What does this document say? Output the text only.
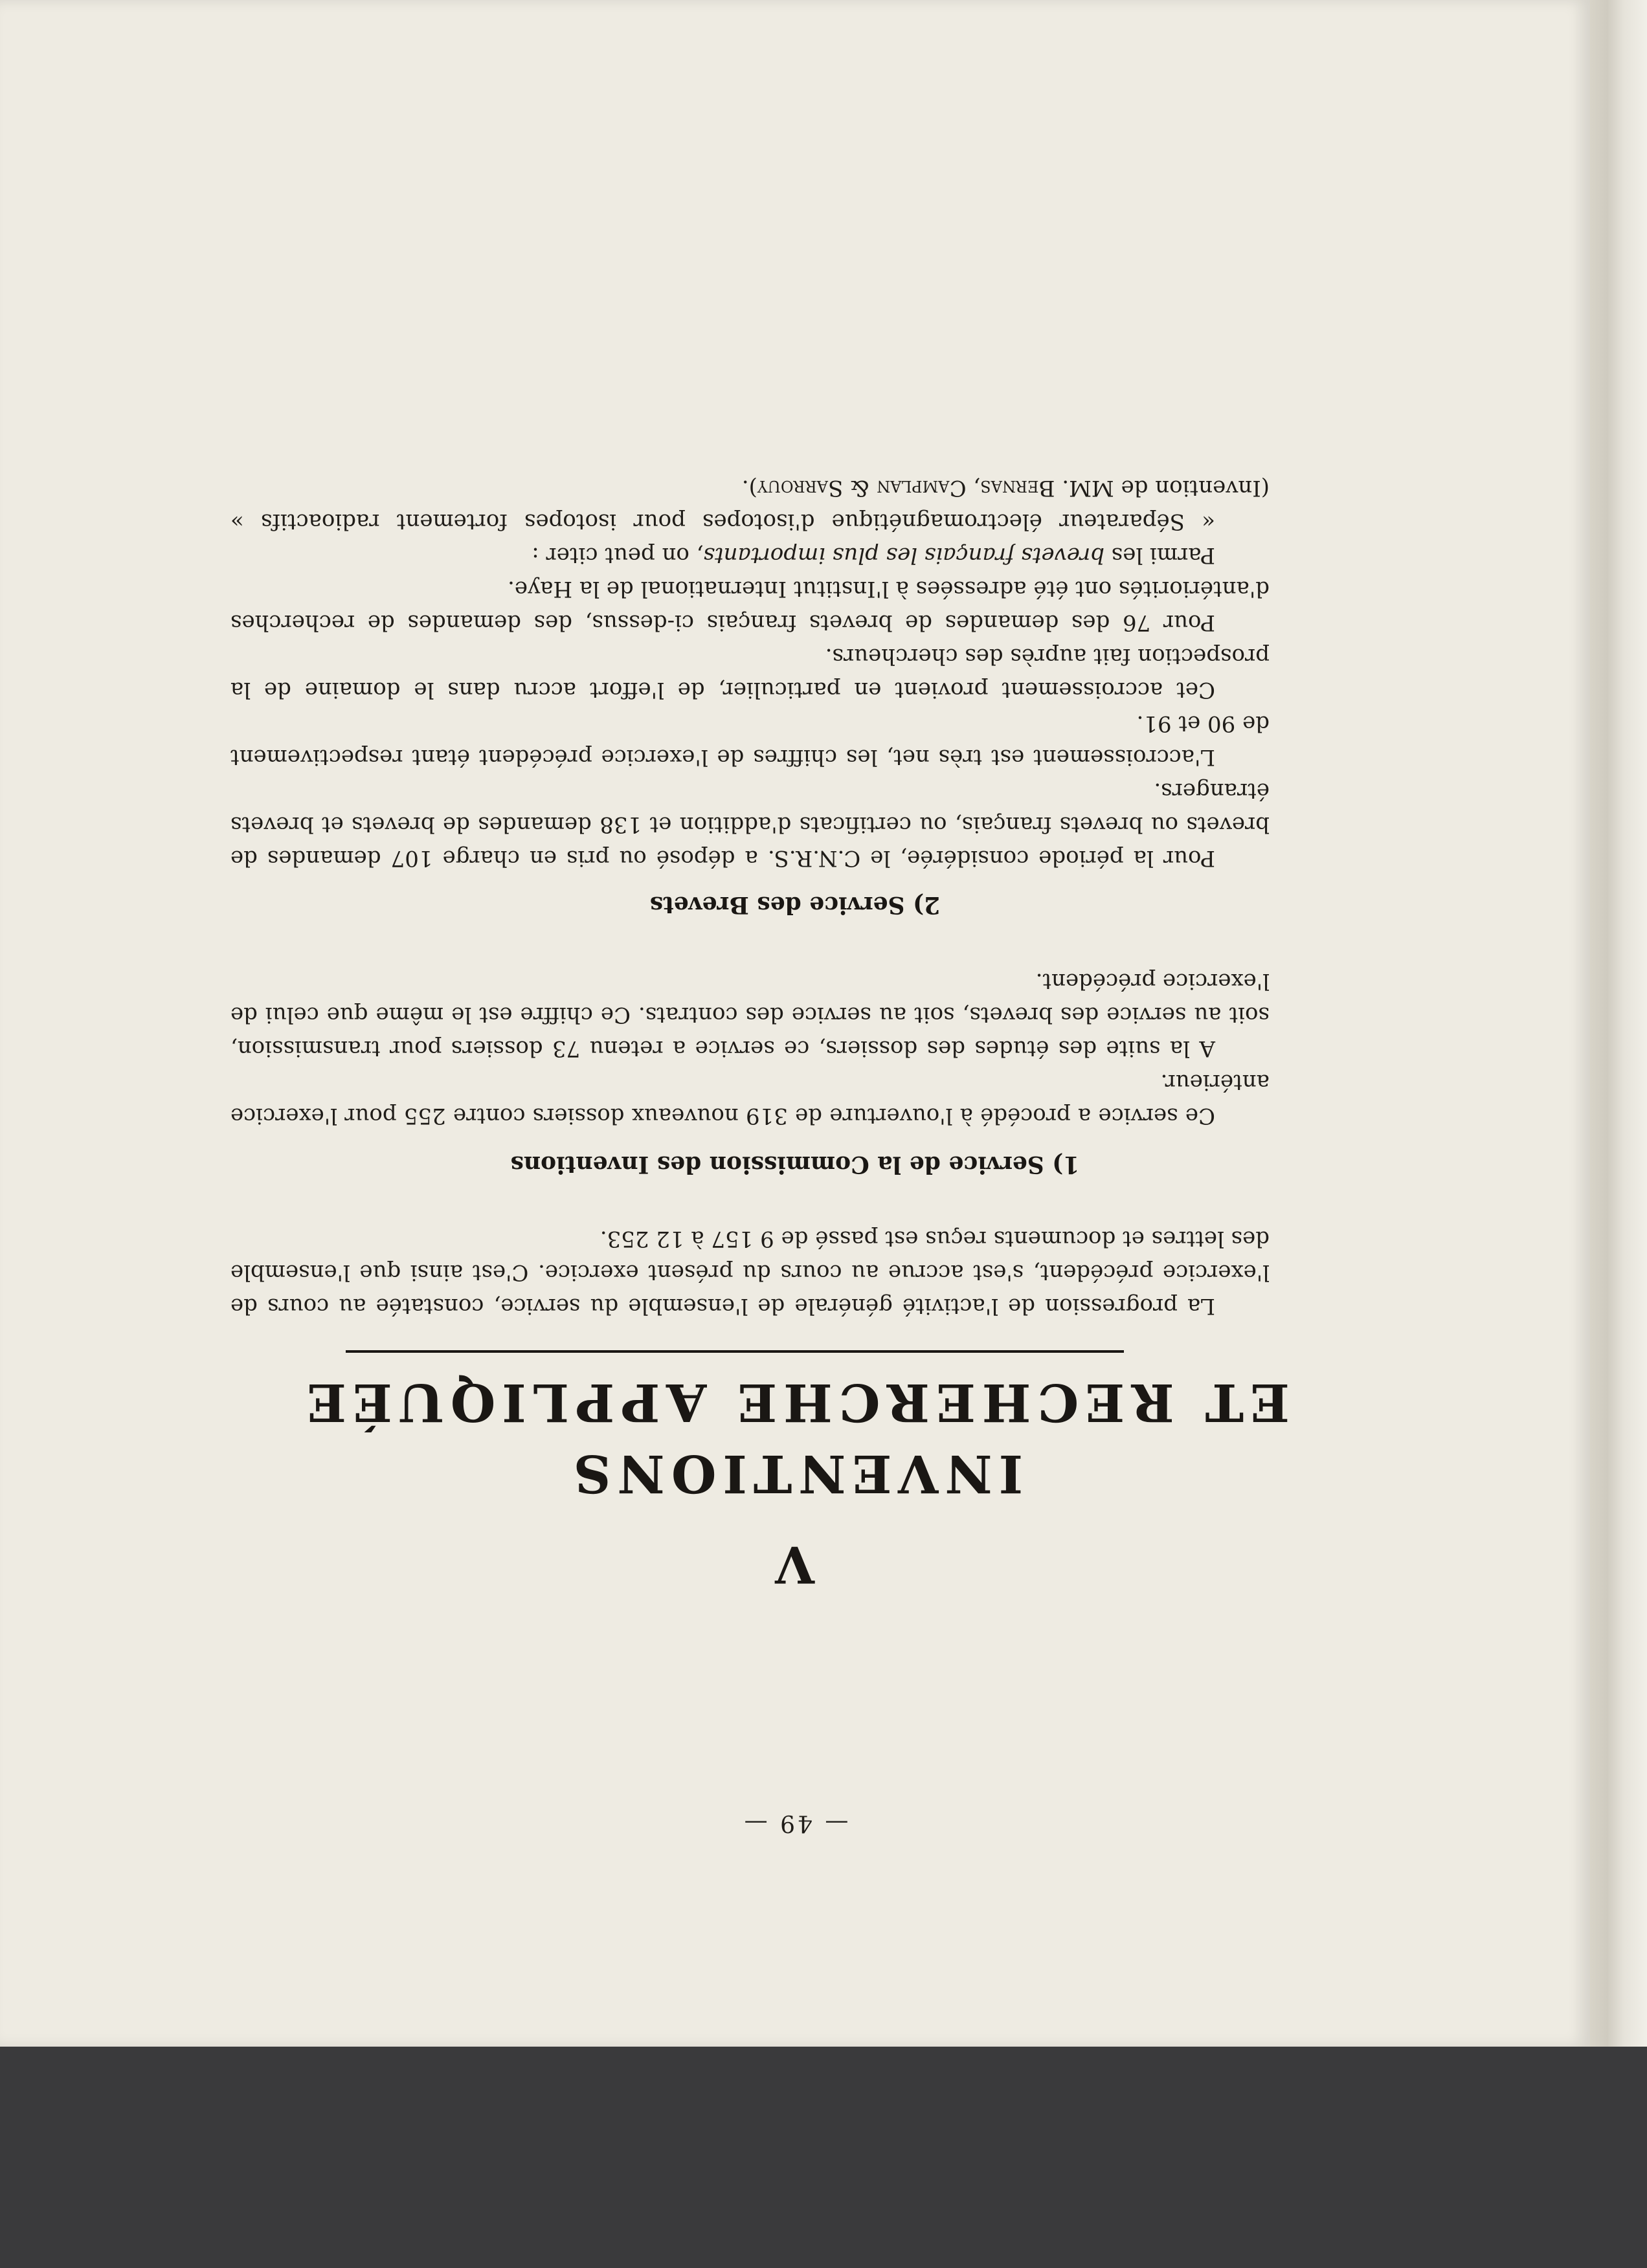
— 49 —
V
INVENTIONS
ET RECHERCHE APPLIQUÉE

La progression de l'activité générale de l'ensemble du service, constatée au cours de l'exercice précédent, s'est accrue au cours du présent exercice. C'est ainsi que l'ensemble des lettres et documents reçus est passé de 9 157 à 12 253.

1) Service de la Commission des Inventions

Ce service a procédé à l'ouverture de 319 nouveaux dossiers contre 255 pour l'exercice antérieur.

A la suite des études des dossiers, ce service a retenu 73 dossiers pour transmission, soit au service des brevets, soit au service des contrats. Ce chiffre est le même que celui de l'exercice précédent.

2) Service des Brevets

Pour la période considérée, le C.N.R.S. a déposé ou pris en charge 107 demandes de brevets ou brevets français, ou certificats d'addition et 138 demandes de brevets et brevets étrangers.

L'accroissement est très net, les chiffres de l'exercice précédent étant respectivement de 90 et 91.

Cet accroissement provient en particulier, de l'effort accru dans le domaine de la prospection fait auprès des chercheurs.

Pour 76 des demandes de brevets français ci-dessus, des demandes de recherches d'antériorités ont été adressées à l'Institut International de la Haye.

Parmi les brevets français les plus importants, on peut citer :

« Séparateur électromagnétique d'isotopes pour isotopes fortement radioactifs » (Invention de MM. Bernas, Camplan & Sarrouy).
